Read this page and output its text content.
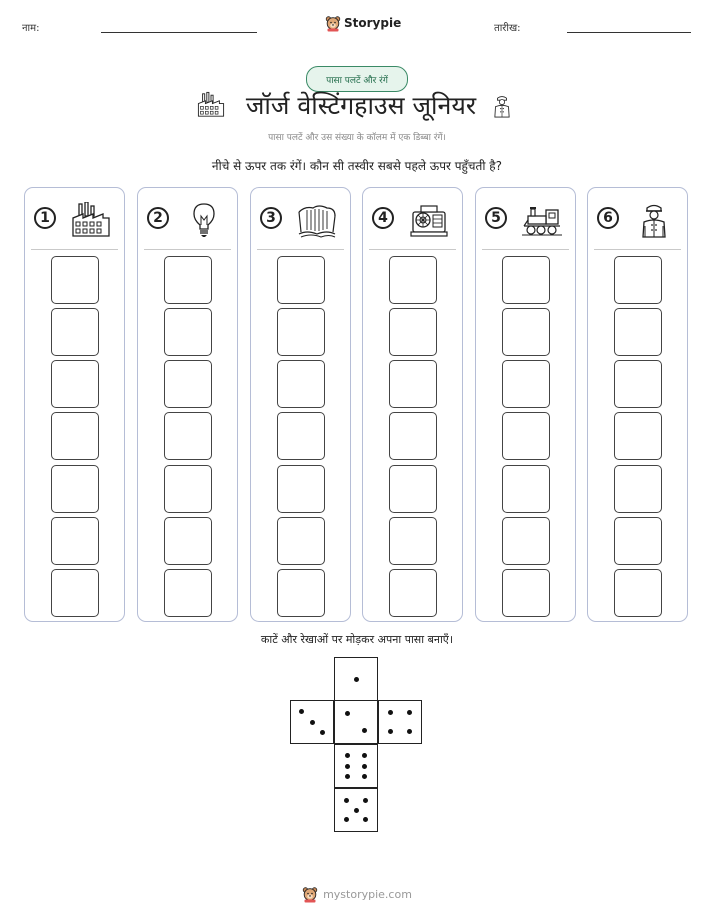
नाम:	Storypie	तारीख:
पासा पलटें और रंगें
जॉर्ज वेस्टिंगहाउस जूनियर
पासा पलटें और उस संख्या के कॉलम में एक डिब्बा रंगें।
नीचे से ऊपर तक रंगें। कौन सी तस्वीर सबसे पहले ऊपर पहुँचती है?
1	2	3	4	5	6
काटें और रेखाओं पर मोड़कर अपना पासा बनाएँ।
mystorypie.com
